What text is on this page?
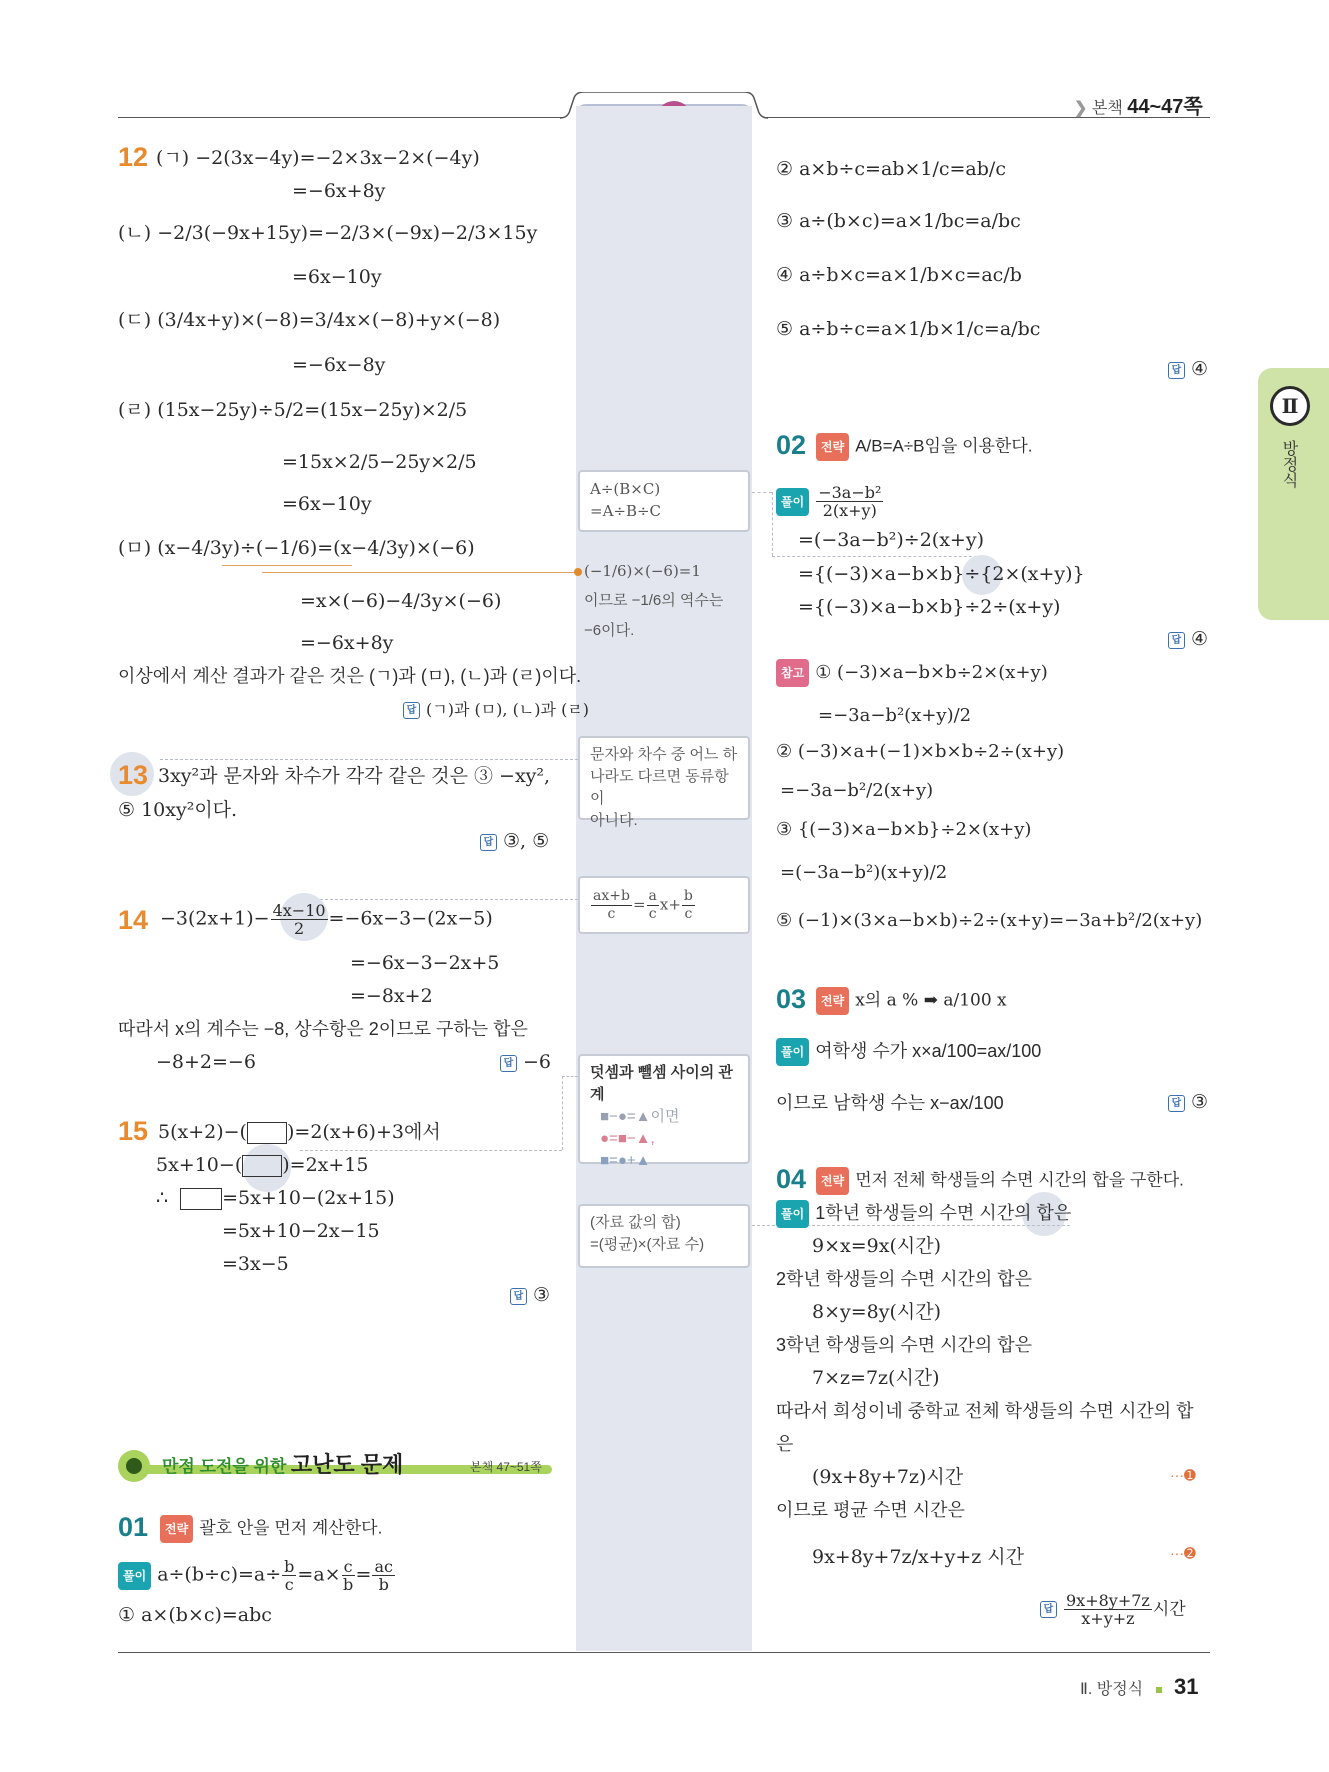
❯ 본책 44~47쪽
Ⅱ
방정식
12 (ㄱ) −2(3x−4y)=−2×3x−2×(−4y)
=−6x+8y
(ㄴ) −2/3(−9x+15y)=−2/3×(−9x)−2/3×15y
=6x−10y
(ㄷ) (3/4x+y)×(−8)=3/4x×(−8)+y×(−8)
=−6x−8y
(ㄹ) (15x−25y)÷5/2=(15x−25y)×2/5
=15x×2/5−25y×2/5
=6x−10y
(ㅁ) (x−4/3y)÷(−1/6)=(x−4/3y)×(−6)
=x×(−6)−4/3y×(−6)
=−6x+8y
이상에서 계산 결과가 같은 것은 (ㄱ)과 (ㅁ), (ㄴ)과 (ㄹ)이다.
답 (ㄱ)과 (ㅁ), (ㄴ)과 (ㄹ)
13 3xy²과 문자와 차수가 각각 같은 것은 ③ −xy²,
⑤ 10xy²이다.
답 ③, ⑤
$14 -3(2x+1)- \frac{4x-10}{2} =-6x-3-(2x-5)$
=−6x−3−2x+5
=−8x+2
따라서 x의 계수는 −8, 상수항은 2이므로 구하는 합은
−8+2=−6	답 −6
15 5(x+2)−( )=2(x+6)+3에서
5x+10−( )=2x+15
∴	=5x+10−(2x+15)
=5x+10−2x−15
=3x−5
답 ③
만점 도전을 위한 고난도 문제	본책 47~51쪽
01	전략 괄호 안을 먼저 계산한다.
풀이 $a\div(b\div c)=a\div \frac{b}{c} =a\times \frac{c}{b} = \frac{ac}{b}$
① a×(b×c)=abc
A÷(B×C)
=A÷B÷C
(−1/6)×(−6)=1
이므로 −1/6의 역수는
−6이다.
문자와 차수 중 어느 하
나라도 다르면 동류항이
아니다.
$\frac{ax+b}{c} = \frac{a}{c} x+ \frac{b}{c}$
덧셈과 뺄셈 사이의 관계
■−●=▲이면
●=■−▲,
■=●+▲
(자료 값의 합)
=(평균)×(자료 수)
② a×b÷c=ab×1/c=ab/c
③ a÷(b×c)=a×1/bc=a/bc
④ a÷b×c=a×1/b×c=ac/b
⑤ a÷b÷c=a×1/b×1/c=a/bc
답 ④
02	전략 A/B=A÷B임을 이용한다.
풀이 $\frac{\text{−3a−b²}}{2(x+y)}$
=(−3a−b²)÷2(x+y)
={(−3)×a−b×b}÷{2×(x+y)}
={(−3)×a−b×b}÷2÷(x+y)
답 ④
참고 ① (−3)×a−b×b÷2×(x+y)
=−3a−b²(x+y)/2
② (−3)×a+(−1)×b×b÷2÷(x+y)
=−3a−b²/2(x+y)
③ {(−3)×a−b×b}÷2×(x+y)
=(−3a−b²)(x+y)/2
⑤ (−1)×(3×a−b×b)÷2÷(x+y)=−3a+b²/2(x+y)
03	전략 x의 a % ➡ a/100 x
풀이 여학생 수가 x×a/100=ax/100
이므로 남학생 수는 x−ax/100	답 ③
04	전략 먼저 전체 학생들의 수면 시간의 합을 구한다.
풀이 1학년 학생들의 수면 시간의 합은
9×x=9x(시간)
2학년 학생들의 수면 시간의 합은
8×y=8y(시간)
3학년 학생들의 수면 시간의 합은
7×z=7z(시간)
따라서 희성이네 중학교 전체 학생들의 수면 시간의 합
은
(9x+8y+7z)시간	···➊
이므로 평균 수면 시간은
9x+8y+7z/x+y+z 시간	···➋
답 $\frac{9x+8y+7z}{x+y+z}$ 시간
Ⅱ. 방정식 31
